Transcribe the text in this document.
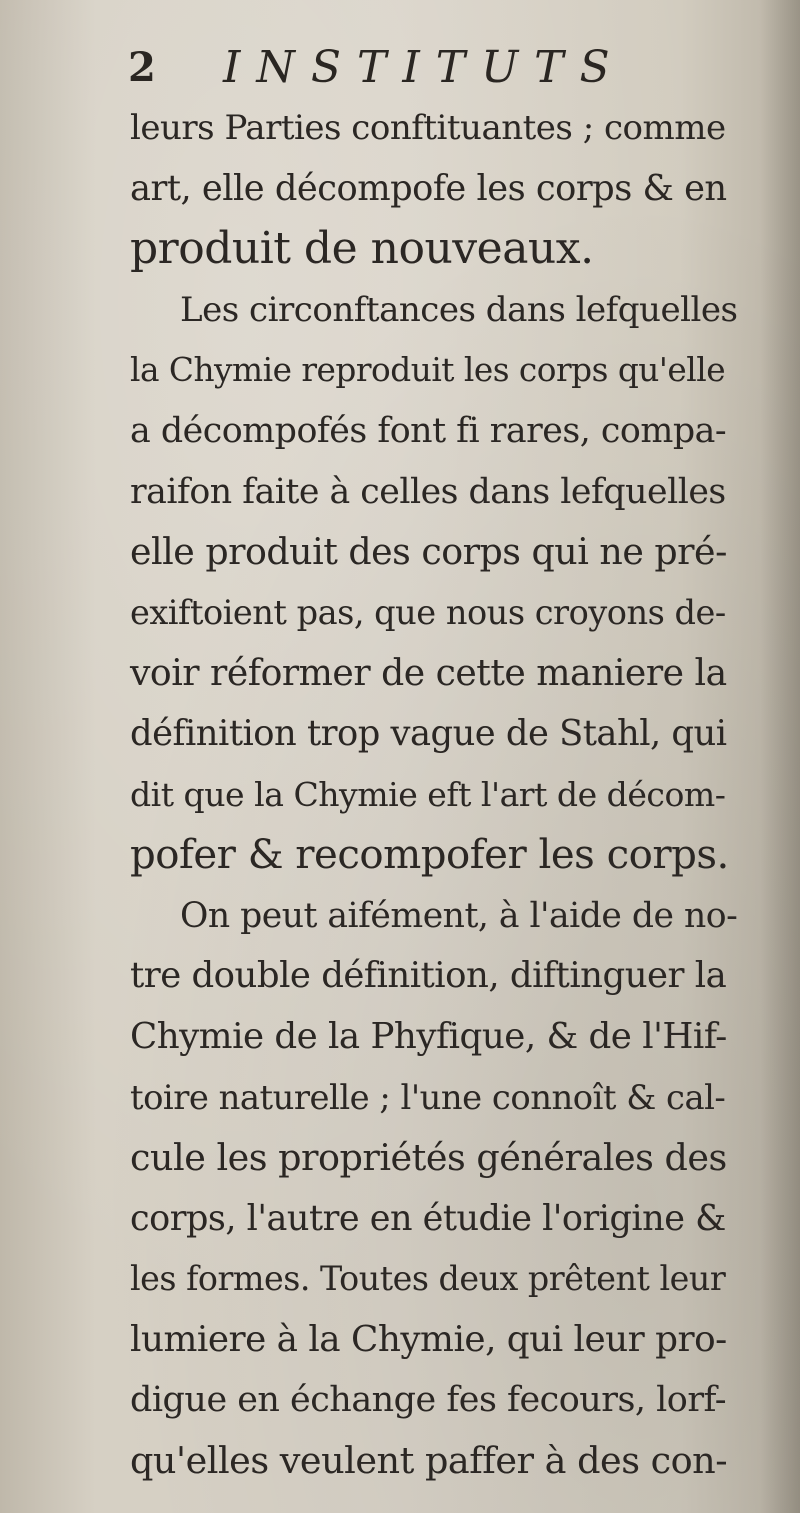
2 INSTITUTS
leurs Parties conftituantes ; comme
art, elle décompofe les corps & en
produit de nouveaux.
Les circonftances dans lefquelles
la Chymie reproduit les corps qu'elle
a décompofés font fi rares, compa-
raifon faite à celles dans lefquelles
elle produit des corps qui ne pré-
exiftoient pas, que nous croyons de-
voir réformer de cette maniere la
définition trop vague de Stahl, qui
dit que la Chymie eft l'art de décom-
pofer & recompofer les corps.
On peut aifément, à l'aide de no-
tre double définition, diftinguer la
Chymie de la Phyfique, & de l'Hif-
toire naturelle ; l'une connoît & cal-
cule les propriétés générales des
corps, l'autre en étudie l'origine &
les formes. Toutes deux prêtent leur
lumiere à la Chymie, qui leur pro-
digue en échange fes fecours, lorf-
qu'elles veulent paffer à des con-
